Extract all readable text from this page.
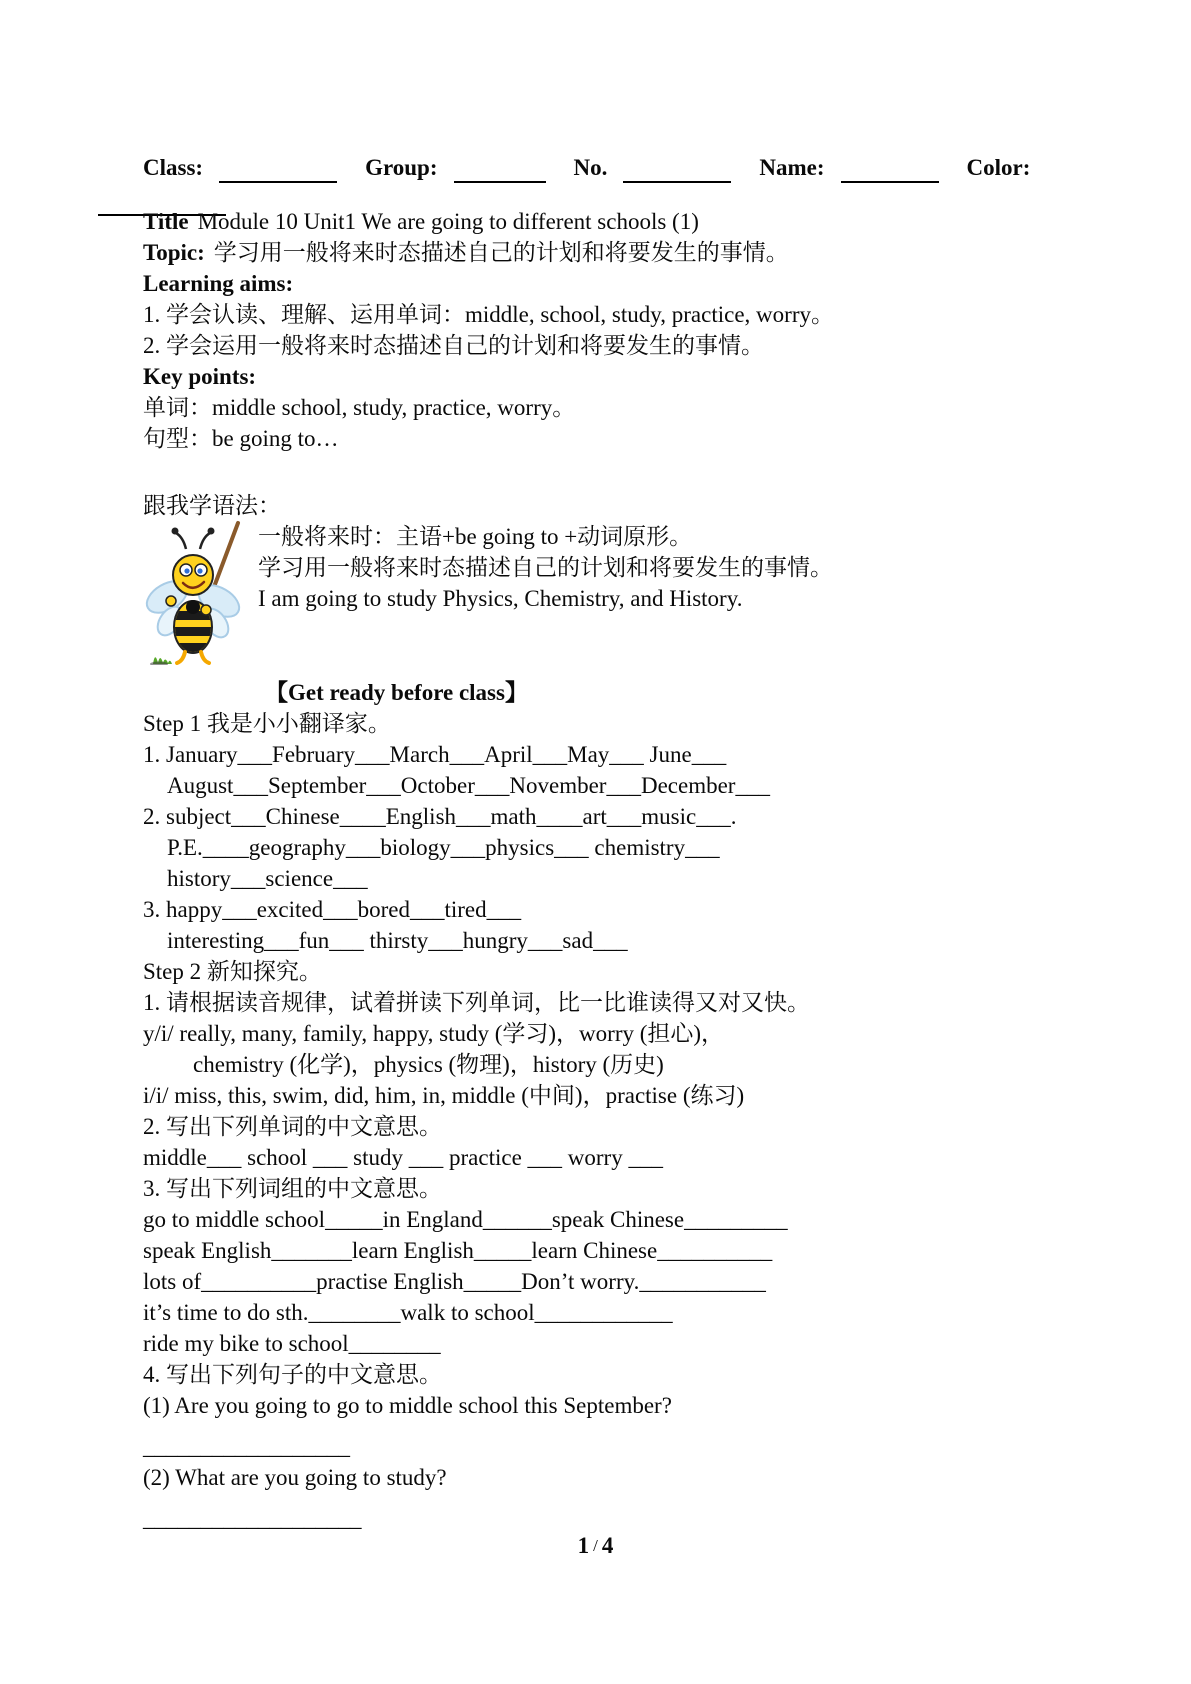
Class:	Group:	No.	Name:	Color:
Title Module 10 Unit1 We are going to different schools (1)
Topic: 学习用一般将来时态描述自己的计划和将要发生的事情。
Learning aims:
1. 学会认读、理解、运用单词：middle, school, study, practice, worry。
2. 学会运用一般将来时态描述自己的计划和将要发生的事情。
Key points:
单词：middle school, study, practice, worry。
句型：be going to…
跟我学语法：
一般将来时：主语+be going to +动词原形。
学习用一般将来时态描述自己的计划和将要发生的事情。
I am going to study Physics, Chemistry, and History.
【Get ready before class】
Step 1 我是小小翻译家。
1. January___February___March___April___May___ June___
August___September___October___November___December___
2. subject___Chinese____English___math____art___music___.
P.E.____geography___biology___physics___ chemistry___
history___science___
3. happy___excited___bored___tired___
interesting___fun___ thirsty___hungry___sad___
Step 2 新知探究。
1. 请根据读音规律，试着拼读下列单词，比一比谁读得又对又快。
y/i/ really, many, family, happy, study (学习)，worry (担心)，
chemistry (化学)，physics (物理)，history (历史)
i/i/ miss, this, swim, did, him, in, middle (中间)，practise (练习)
2. 写出下列单词的中文意思。
middle___ school ___ study ___ practice ___ worry ___
3. 写出下列词组的中文意思。
go to middle school_____in England______speak Chinese_________
speak English_______learn English_____learn Chinese__________
lots of__________practise English_____Don’t worry.___________
it’s time to do sth.________walk to school____________
ride my bike to school________
4. 写出下列句子的中文意思。
(1) Are you going to go to middle school this September?
__________________
(2) What are you going to study?
___________________
1 / 4
